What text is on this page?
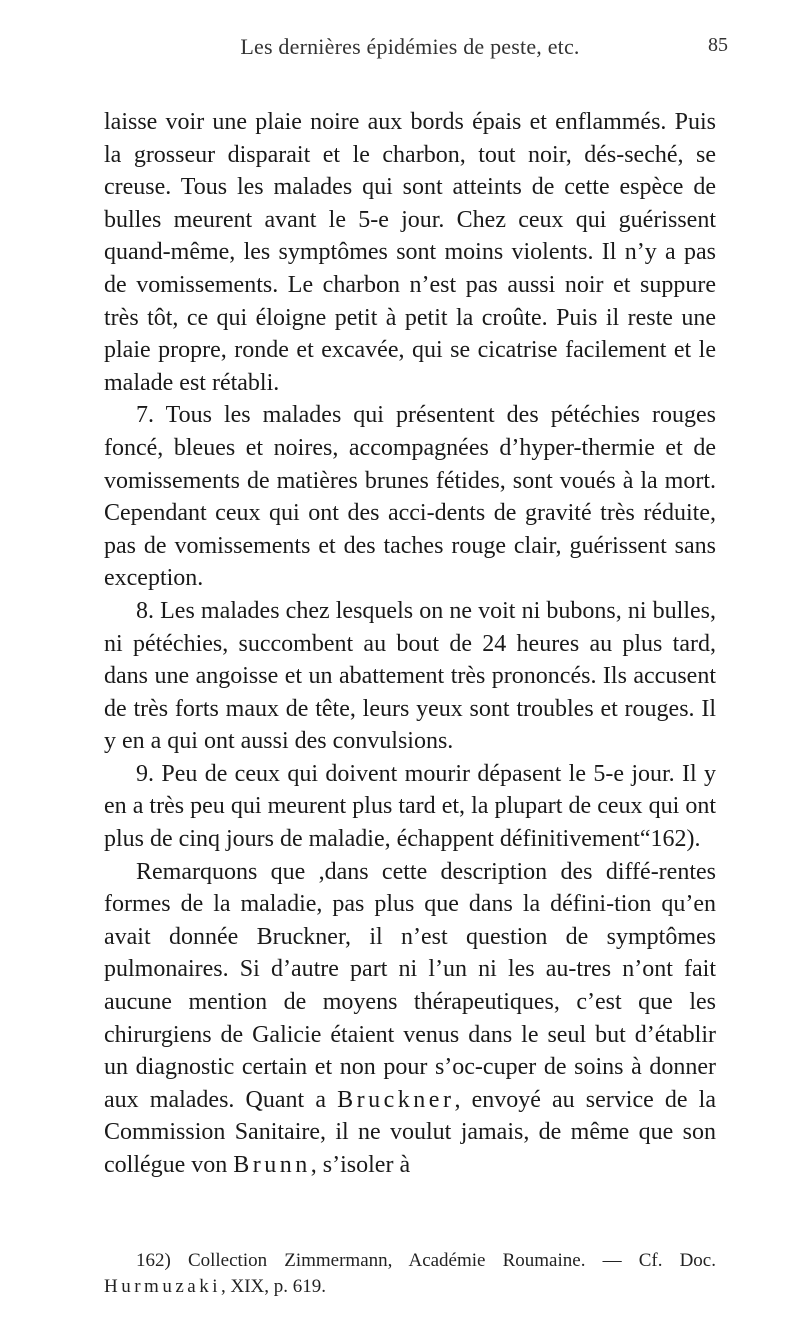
Les dernières épidémies de peste, etc.	85

laisse voir une plaie noire aux bords épais et enflammés. Puis la grosseur disparait et le charbon, tout noir, dés-seché, se creuse. Tous les malades qui sont atteints de cette espèce de bulles meurent avant le 5-e jour. Chez ceux qui guérissent quand-même, les symptômes sont moins violents. Il n’y a pas de vomissements. Le charbon n’est pas aussi noir et suppure très tôt, ce qui éloigne petit à petit la croûte. Puis il reste une plaie propre, ronde et excavée, qui se cicatrise facilement et le malade est rétabli.

7. Tous les malades qui présentent des pétéchies rouges foncé, bleues et noires, accompagnées d’hyper-thermie et de vomissements de matières brunes fétides, sont voués à la mort. Cependant ceux qui ont des acci-dents de gravité très réduite, pas de vomissements et des taches rouge clair, guérissent sans exception.

8. Les malades chez lesquels on ne voit ni bubons, ni bulles, ni pétéchies, succombent au bout de 24 heures au plus tard, dans une angoisse et un abattement très prononcés. Ils accusent de très forts maux de tête, leurs yeux sont troubles et rouges. Il y en a qui ont aussi des convulsions.

9. Peu de ceux qui doivent mourir dépasent le 5-e jour. Il y en a très peu qui meurent plus tard et, la plupart de ceux qui ont plus de cinq jours de maladie, échappent définitivement“162).

Remarquons que ,dans cette description des diffé-rentes formes de la maladie, pas plus que dans la défini-tion qu’en avait donnée Bruckner, il n’est question de symptômes pulmonaires. Si d’autre part ni l’un ni les au-tres n’ont fait aucune mention de moyens thérapeutiques, c’est que les chirurgiens de Galicie étaient venus dans le seul but d’établir un diagnostic certain et non pour s’oc-cuper de soins à donner aux malades. Quant a Bruckner, envoyé au service de la Commission Sanitaire, il ne voulut jamais, de même que son collégue von Brunn, s’isoler à

162) Collection Zimmermann, Académie Roumaine. — Cf. Doc. Hurmuzaki, XIX, p. 619.
